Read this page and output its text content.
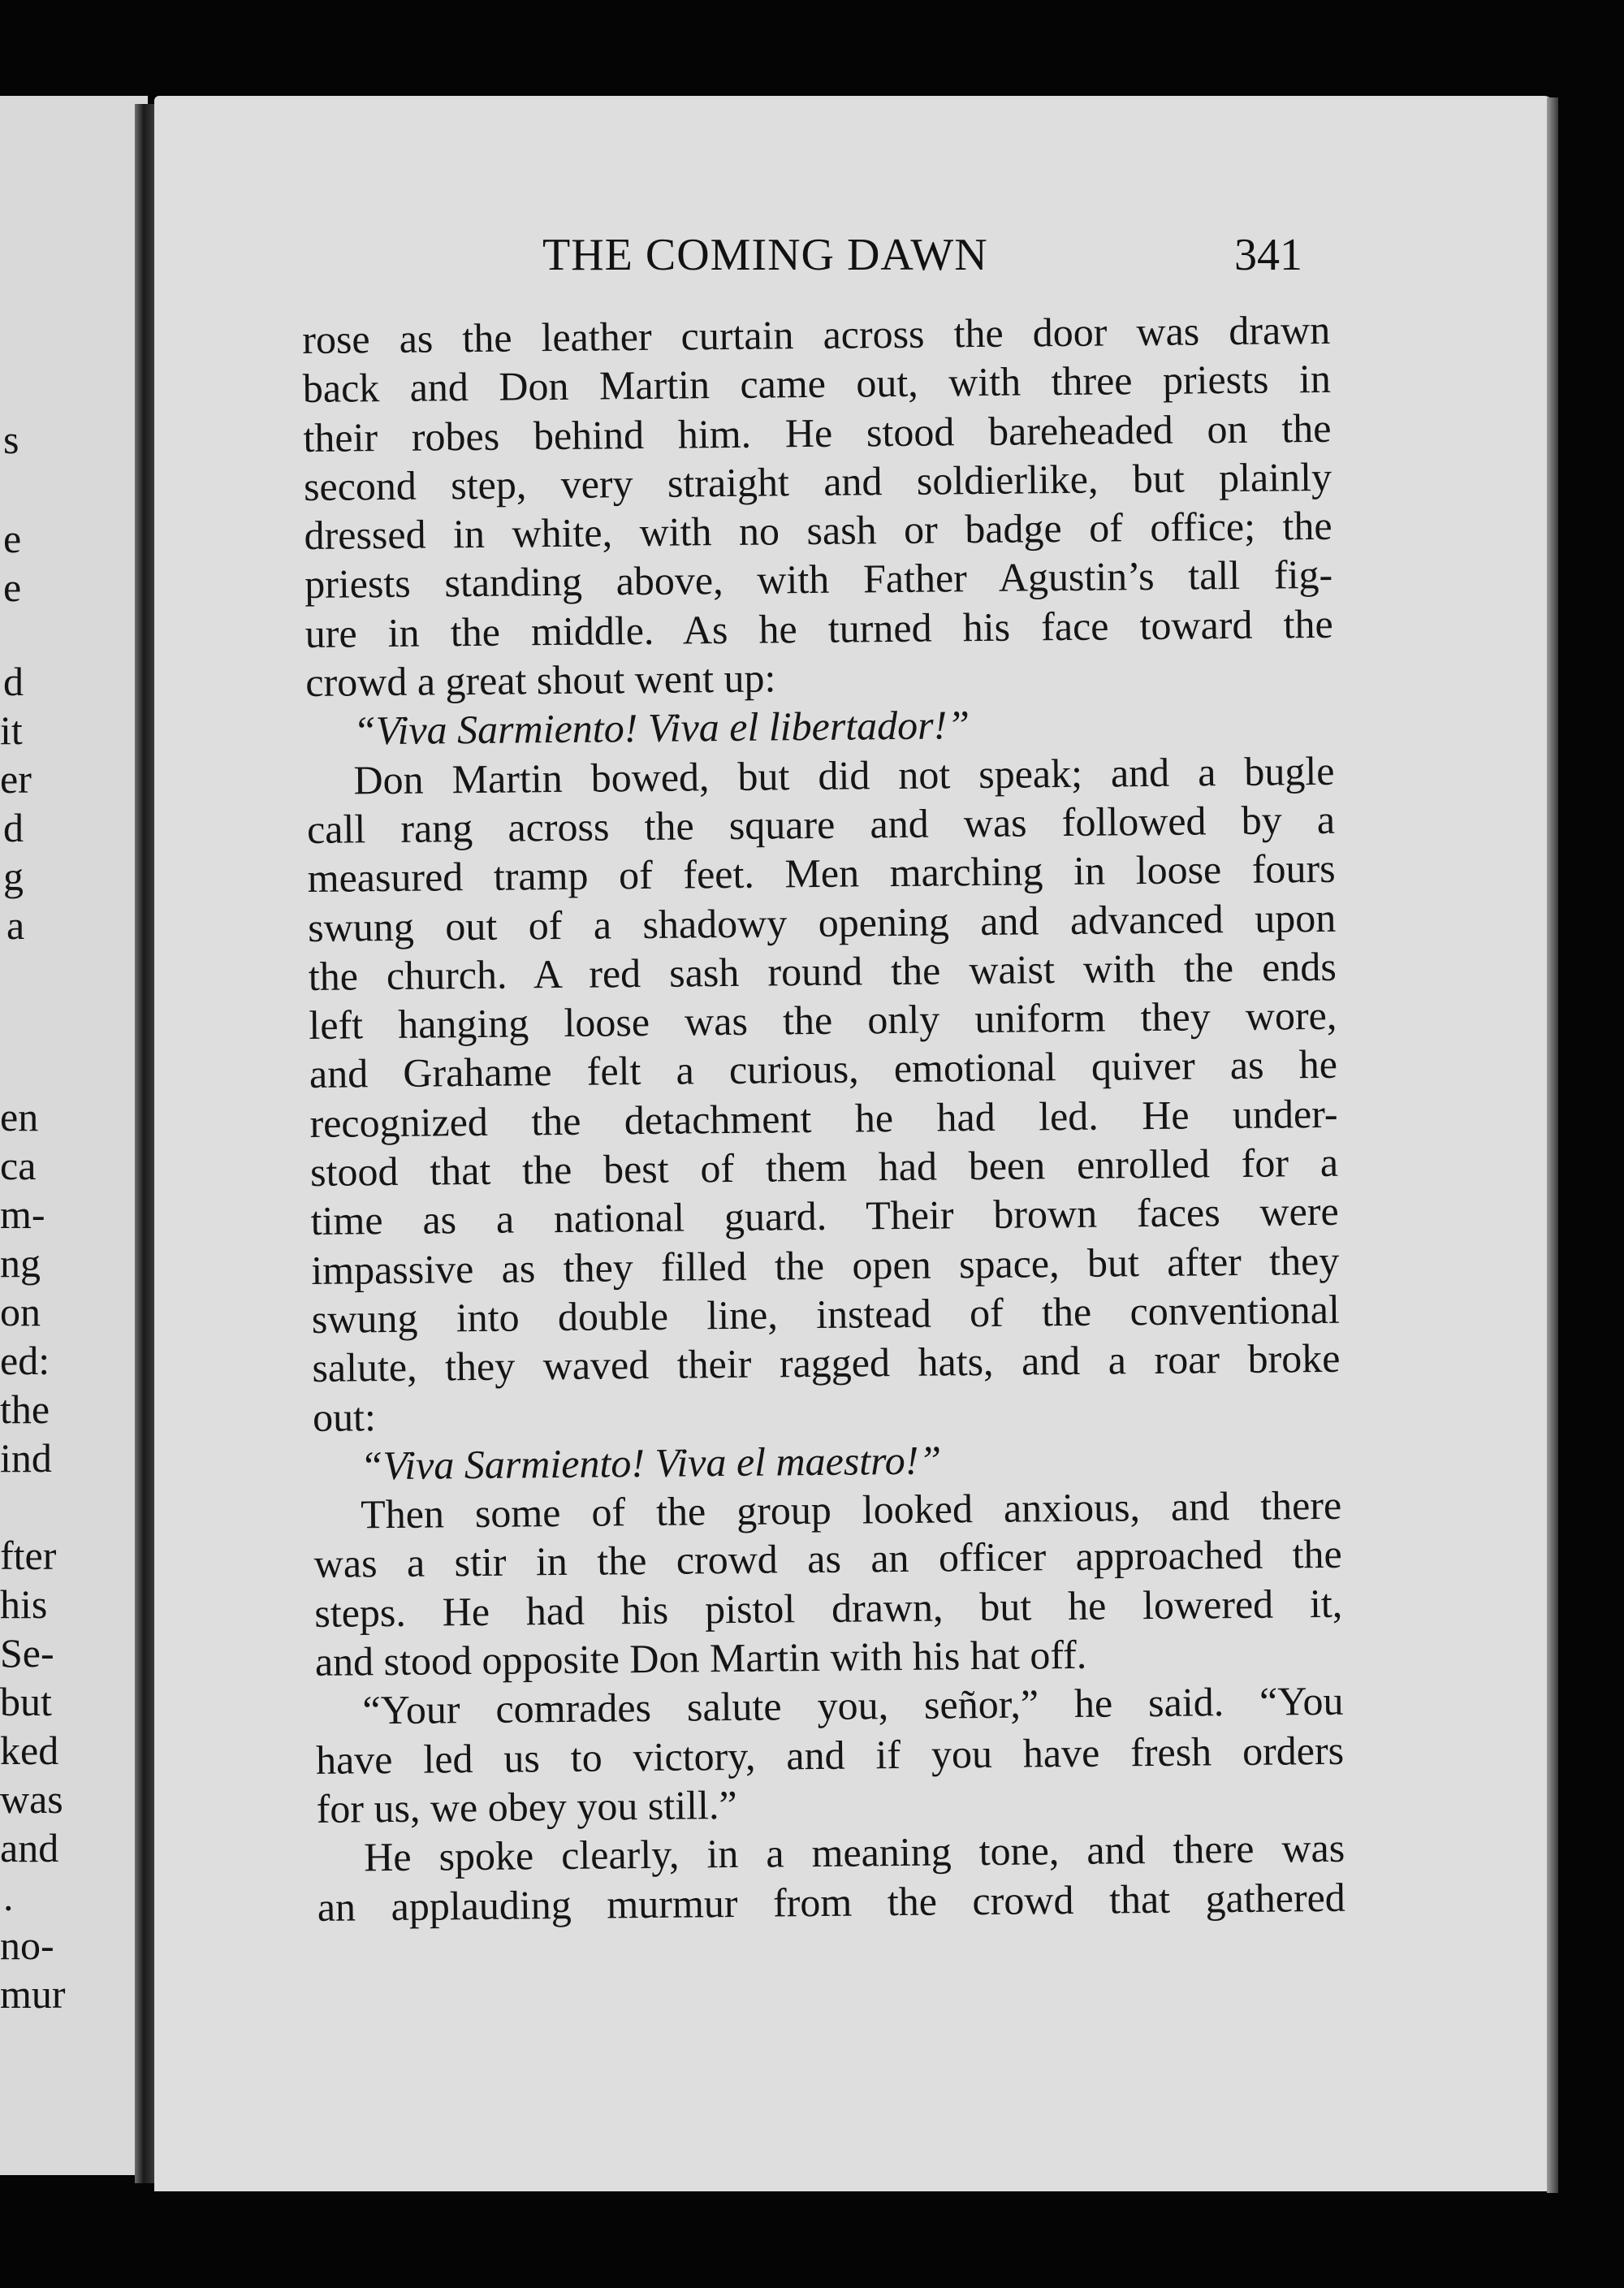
s
e
e
d
it
er
d
g
a
en
ca
m-
ng
on
ed:
the
ind
fter
his
Se-
but
ked
was
and
.
no-
mur
THE COMING DAWN	341
rose as the leather curtain across the door was drawn
back and Don Martin came out, with three priests in
their robes behind him. He stood bareheaded on the
second step, very straight and soldierlike, but plainly
dressed in white, with no sash or badge of office; the
priests standing above, with Father Agustin’s tall fig-
ure in the middle. As he turned his face toward the
crowd a great shout went up:
“Viva Sarmiento! Viva el libertador!”
Don Martin bowed, but did not speak; and a bugle
call rang across the square and was followed by a
measured tramp of feet. Men marching in loose fours
swung out of a shadowy opening and advanced upon
the church. A red sash round the waist with the ends
left hanging loose was the only uniform they wore,
and Grahame felt a curious, emotional quiver as he
recognized the detachment he had led. He under-
stood that the best of them had been enrolled for a
time as a national guard. Their brown faces were
impassive as they filled the open space, but after they
swung into double line, instead of the conventional
salute, they waved their ragged hats, and a roar broke
out:
“Viva Sarmiento! Viva el maestro!”
Then some of the group looked anxious, and there
was a stir in the crowd as an officer approached the
steps. He had his pistol drawn, but he lowered it,
and stood opposite Don Martin with his hat off.
“Your comrades salute you, señor,” he said. “You
have led us to victory, and if you have fresh orders
for us, we obey you still.”
He spoke clearly, in a meaning tone, and there was
an applauding murmur from the crowd that gathered
